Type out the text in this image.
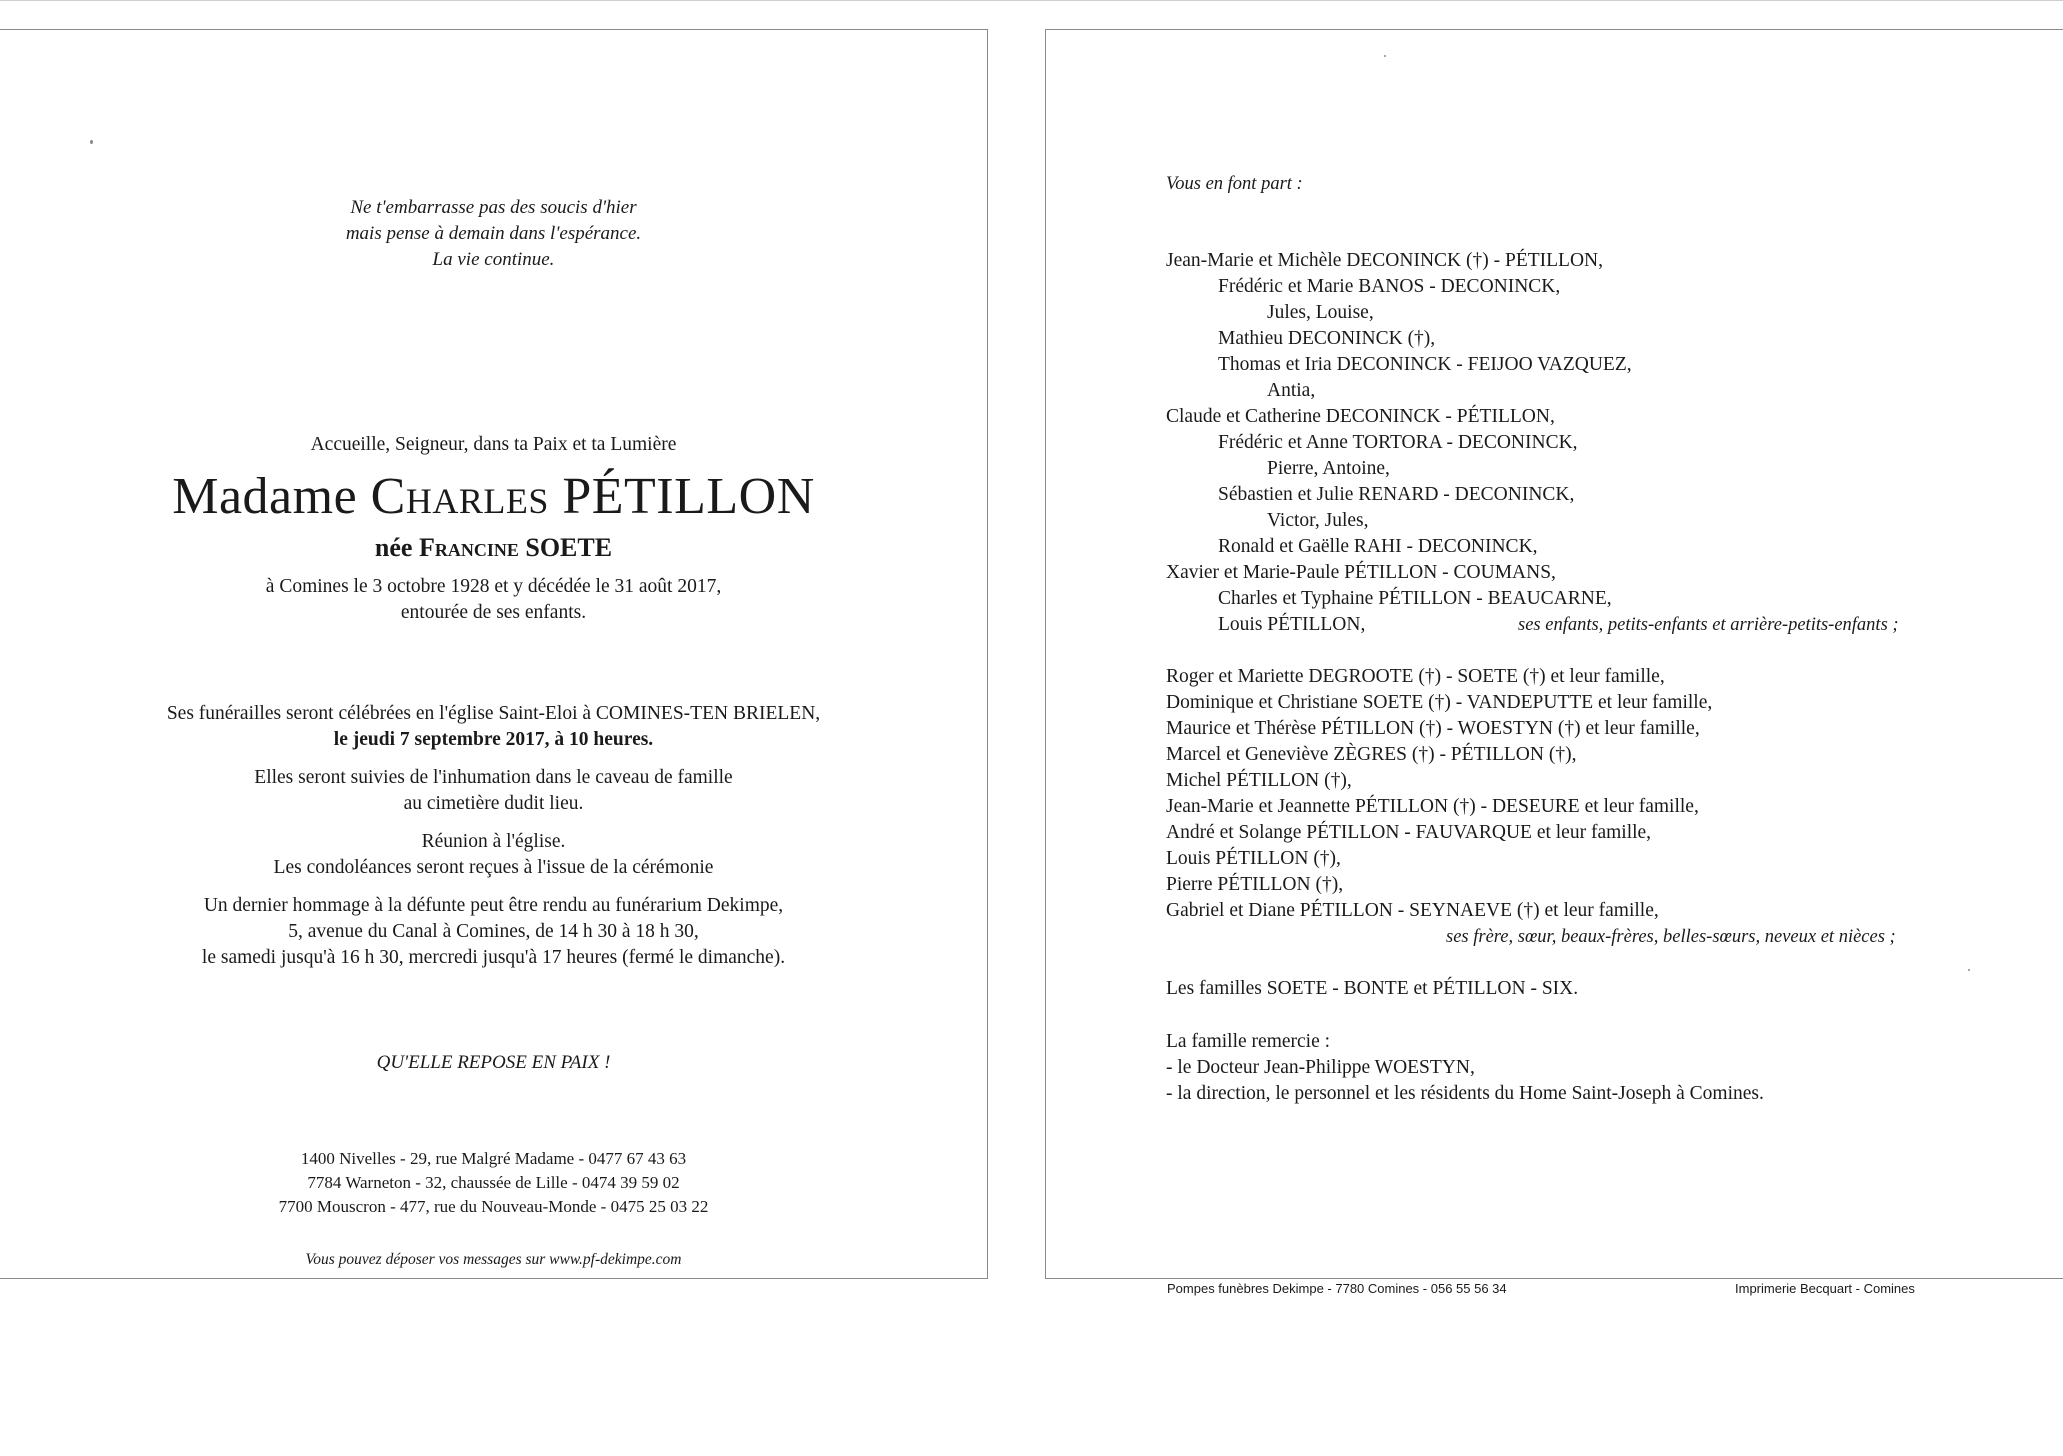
Ne t'embarrasse pas des soucis d'hier
mais pense à demain dans l'espérance.
La vie continue.
Accueille, Seigneur, dans ta Paix et ta Lumière
Madame Charles PÉTILLON
née Francine SOETE
à Comines le 3 octobre 1928 et y décédée le 31 août 2017,
entourée de ses enfants.
Ses funérailles seront célébrées en l'église Saint-Eloi à COMINES-TEN BRIELEN,
le jeudi 7 septembre 2017, à 10 heures.
Elles seront suivies de l'inhumation dans le caveau de famille
au cimetière dudit lieu.
Réunion à l'église.
Les condoléances seront reçues à l'issue de la cérémonie
Un dernier hommage à la défunte peut être rendu au funérarium Dekimpe,
5, avenue du Canal à Comines, de 14 h 30 à 18 h 30,
le samedi jusqu'à 16 h 30, mercredi jusqu'à 17 heures (fermé le dimanche).
QU'ELLE REPOSE EN PAIX !
1400 Nivelles - 29, rue Malgré Madame - 0477 67 43 63
7784 Warneton - 32, chaussée de Lille - 0474 39 59 02
7700 Mouscron - 477, rue du Nouveau-Monde - 0475 25 03 22
Vous pouvez déposer vos messages sur www.pf-dekimpe.com
Vous en font part :
Jean-Marie et Michèle DECONINCK (†) - PÉTILLON,
Frédéric et Marie BANOS - DECONINCK,
Jules, Louise,
Mathieu DECONINCK (†),
Thomas et Iria DECONINCK - FEIJOO VAZQUEZ,
Antia,
Claude et Catherine DECONINCK - PÉTILLON,
Frédéric et Anne TORTORA - DECONINCK,
Pierre, Antoine,
Sébastien et Julie RENARD - DECONINCK,
Victor, Jules,
Ronald et Gaëlle RAHI - DECONINCK,
Xavier et Marie-Paule PÉTILLON - COUMANS,
Charles et Typhaine PÉTILLON - BEAUCARNE,
Louis PÉTILLON,	ses enfants, petits-enfants et arrière-petits-enfants ;
Roger et Mariette DEGROOTE (†) - SOETE (†) et leur famille,
Dominique et Christiane SOETE (†) - VANDEPUTTE et leur famille,
Maurice et Thérèse PÉTILLON (†) - WOESTYN (†) et leur famille,
Marcel et Geneviève ZÈGRES (†) - PÉTILLON (†),
Michel PÉTILLON (†),
Jean-Marie et Jeannette PÉTILLON (†) - DESEURE et leur famille,
André et Solange PÉTILLON - FAUVARQUE et leur famille,
Louis PÉTILLON (†),
Pierre PÉTILLON (†),
Gabriel et Diane PÉTILLON - SEYNAEVE (†) et leur famille,
ses frère, sœur, beaux-frères, belles-sœurs, neveux et nièces ;
Les familles SOETE - BONTE et PÉTILLON - SIX.
La famille remercie :
- le Docteur Jean-Philippe WOESTYN,
- la direction, le personnel et les résidents du Home Saint-Joseph à Comines.
Pompes funèbres Dekimpe - 7780 Comines - 056 55 56 34	Imprimerie Becquart - Comines
